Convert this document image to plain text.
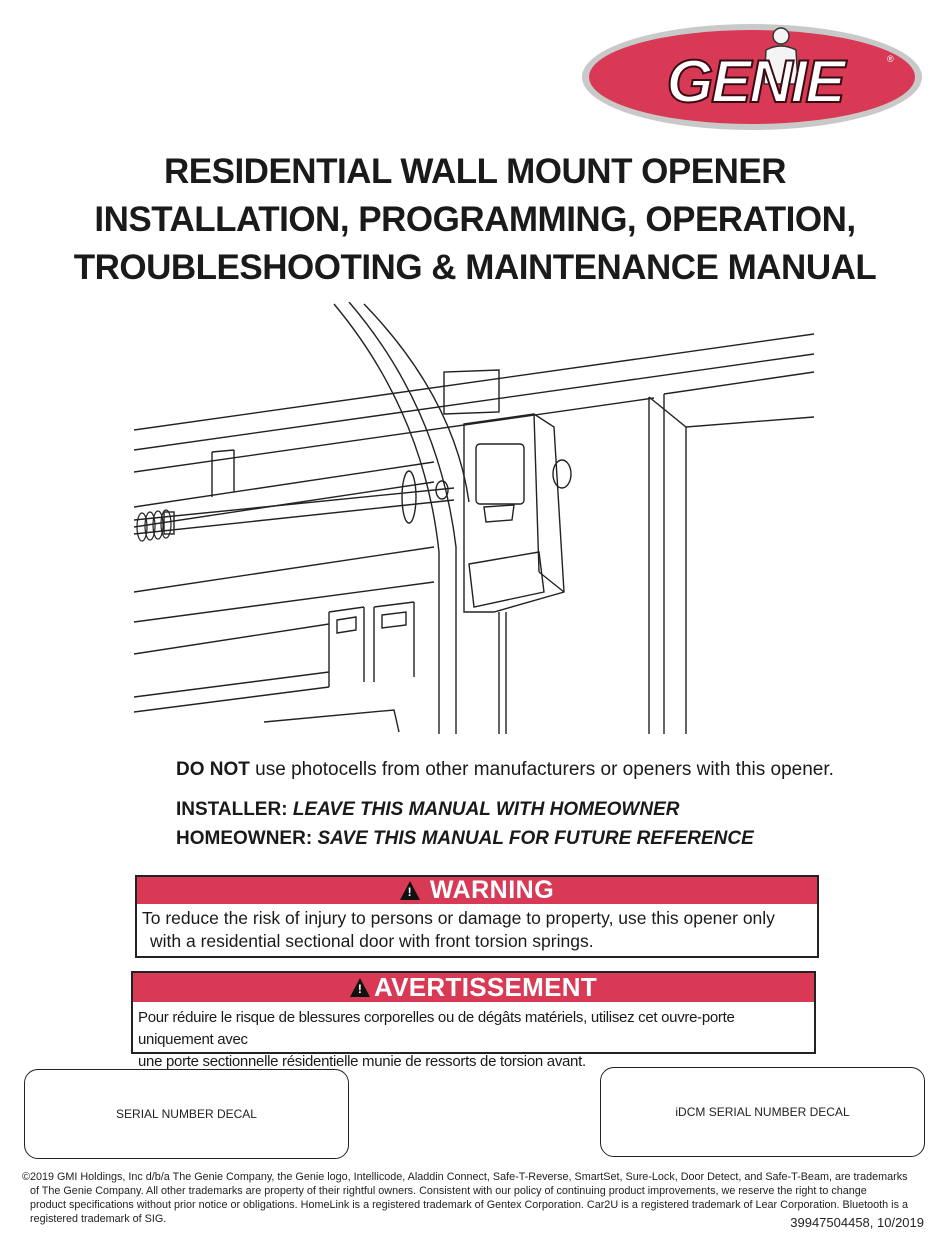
GENIE	®
RESIDENTIAL WALL MOUNT OPENER
INSTALLATION, PROGRAMMING, OPERATION,
TROUBLESHOOTING & MAINTENANCE MANUAL
DO NOT use photocells from other manufacturers or openers with this opener.
INSTALLER: LEAVE THIS MANUAL WITH HOMEOWNER
HOMEOWNER: SAVE THIS MANUAL FOR FUTURE REFERENCE
! WARNING
To reduce the risk of injury to persons or damage to property, use this opener only
with a residential sectional door with front torsion springs.
! AVERTISSEMENT
Pour réduire le risque de blessures corporelles ou de dégâts matériels, utilisez cet ouvre-porte uniquement avec
une porte sectionnelle résidentielle munie de ressorts de torsion avant.
SERIAL NUMBER DECAL	iDCM SERIAL NUMBER DECAL
©2019 GMI Holdings, Inc d/b/a The Genie Company, the Genie logo, Intellicode, Aladdin Connect, Safe-T-Reverse, SmartSet, Sure-Lock, Door Detect, and Safe-T-Beam, are trademarks
of The Genie Company. All other trademarks are property of their rightful owners. Consistent with our policy of continuing product improvements, we reserve the right to change
product specifications without prior notice or obligations. HomeLink is a registered trademark of Gentex Corporation. Car2U is a registered trademark of Lear Corporation. Bluetooth is a
registered trademark of SIG.	39947504458, 10/2019
